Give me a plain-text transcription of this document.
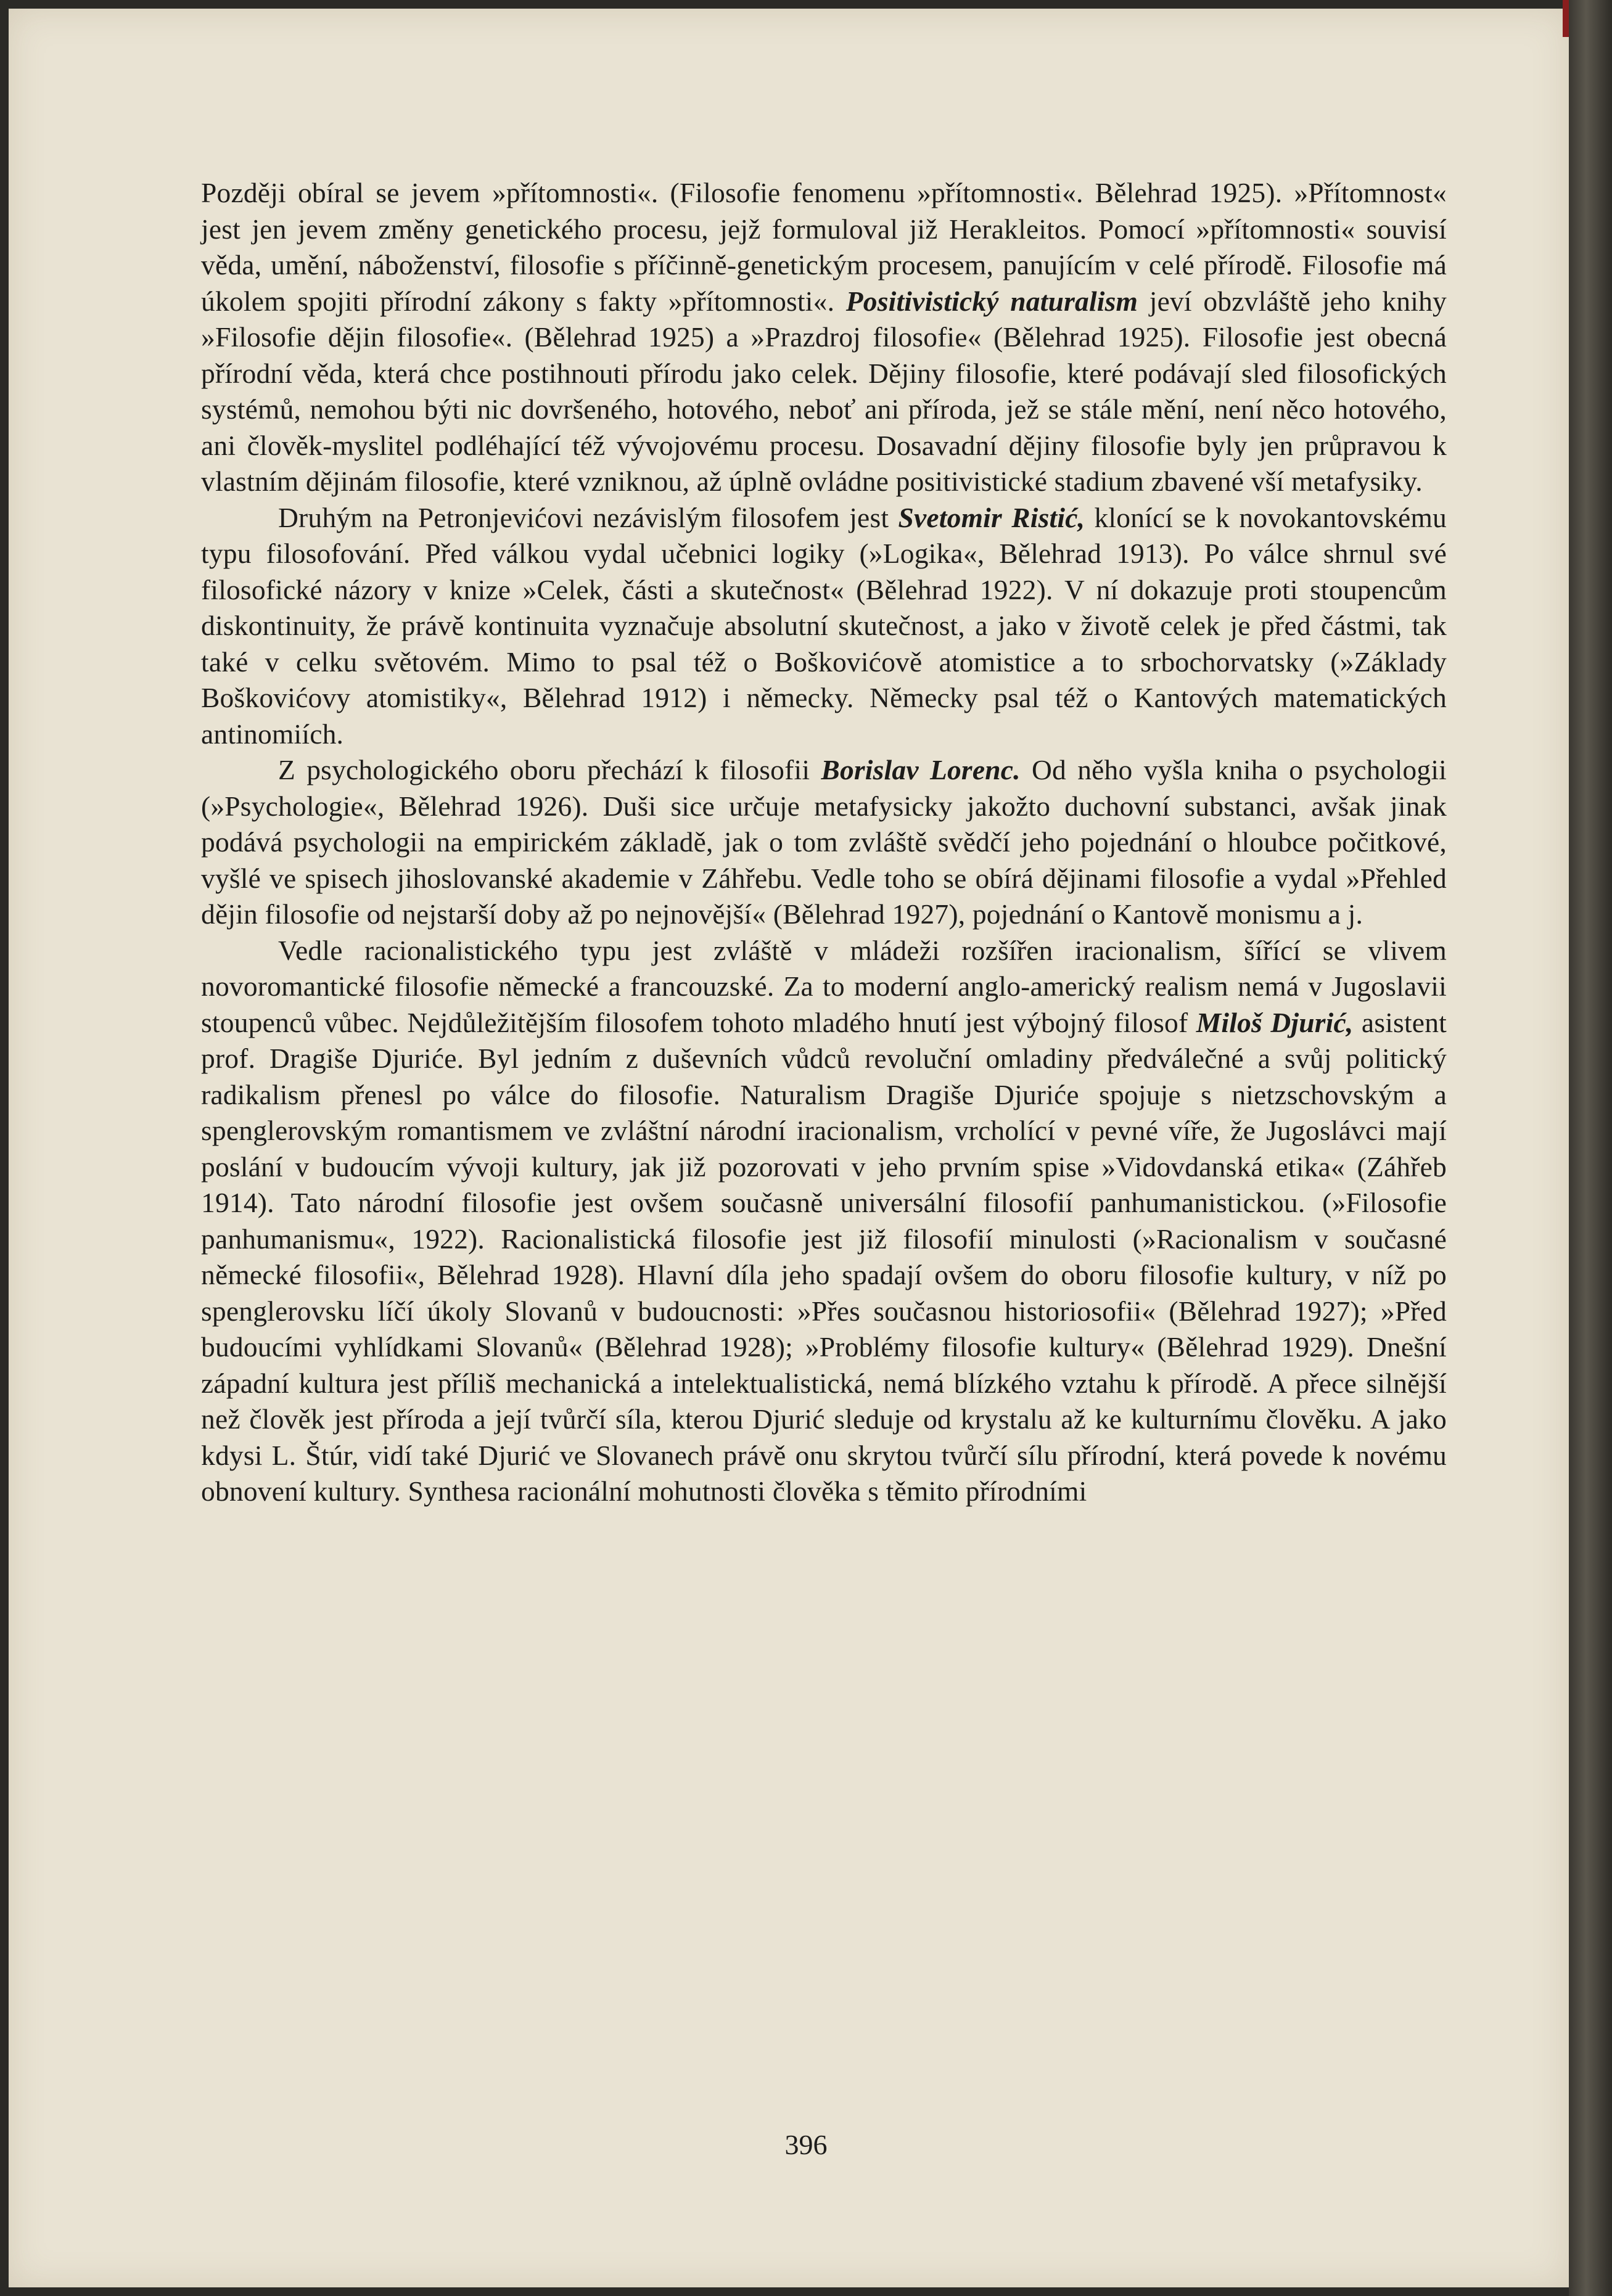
Později obíral se jevem »přítomnosti«. (Filosofie fenomenu »přítomnosti«. Bělehrad 1925). »Přítomnost« jest jen jevem změny genetického procesu, jejž formuloval již Herakleitos. Pomocí »přítomnosti« souvisí věda, umění, náboženství, filosofie s příčinně-genetickým procesem, panujícím v celé přírodě. Filosofie má úkolem spojiti přírodní zákony s fakty »přítomnosti«. Positivistický naturalism jeví obzvláště jeho knihy »Filosofie dějin filosofie«. (Bělehrad 1925) a »Prazdroj filosofie« (Bělehrad 1925). Filosofie jest obecná přírodní věda, která chce postihnouti přírodu jako celek. Dějiny filosofie, které podávají sled filosofických systémů, nemohou býti nic dovršeného, hotového, neboť ani příroda, jež se stále mění, není něco hotového, ani člověk-myslitel podléhající též vývojovému procesu. Dosavadní dějiny filosofie byly jen průpravou k vlastním dějinám filosofie, které vzniknou, až úplně ovládne positivistické stadium zbavené vší metafysiky.

Druhým na Petronjevićovi nezávislým filosofem jest Svetomir Ristić, klonící se k novokantovskému typu filosofování. Před válkou vydal učebnici logiky (»Logika«, Bělehrad 1913). Po válce shrnul své filosofické názory v knize »Celek, části a skutečnost« (Bělehrad 1922). V ní dokazuje proti stoupencům diskontinuity, že právě kontinuita vyznačuje absolutní skutečnost, a jako v životě celek je před částmi, tak také v celku světovém. Mimo to psal též o Boškovićově atomistice a to srbochorvatsky (»Základy Boškovićovy atomistiky«, Bělehrad 1912) i německy. Německy psal též o Kantových matematických antinomiích.

Z psychologického oboru přechází k filosofii Borislav Lorenc. Od něho vyšla kniha o psychologii (»Psychologie«, Bělehrad 1926). Duši sice určuje metafysicky jakožto duchovní substanci, avšak jinak podává psychologii na empirickém základě, jak o tom zvláště svědčí jeho pojednání o hloubce počitkové, vyšlé ve spisech jihoslovanské akademie v Záhřebu. Vedle toho se obírá dějinami filosofie a vydal »Přehled dějin filosofie od nejstarší doby až po nejnovější« (Bělehrad 1927), pojednání o Kantově monismu a j.

Vedle racionalistického typu jest zvláště v mládeži rozšířen iracionalism, šířící se vlivem novoromantické filosofie německé a francouzské. Za to moderní anglo-americký realism nemá v Jugoslavii stoupenců vůbec. Nejdůležitějším filosofem tohoto mladého hnutí jest výbojný filosof Miloš Djurić, asistent prof. Dragiše Djuriće. Byl jedním z duševních vůdců revoluční omladiny předválečné a svůj politický radikalism přenesl po válce do filosofie. Naturalism Dragiše Djuriće spojuje s nietzschovským a spenglerovským romantismem ve zvláštní národní iracionalism, vrcholící v pevné víře, že Jugoslávci mají poslání v budoucím vývoji kultury, jak již pozorovati v jeho prvním spise »Vidovdanská etika« (Záhřeb 1914). Tato národní filosofie jest ovšem současně universální filosofií panhumanistickou. (»Filosofie panhumanismu«, 1922). Racionalistická filosofie jest již filosofií minulosti (»Racionalism v současné německé filosofii«, Bělehrad 1928). Hlavní díla jeho spadají ovšem do oboru filosofie kultury, v níž po spenglerovsku líčí úkoly Slovanů v budoucnosti: »Přes současnou historiosofii« (Bělehrad 1927); »Před budoucími vyhlídkami Slovanů« (Bělehrad 1928); »Problémy filosofie kultury« (Bělehrad 1929). Dnešní západní kultura jest příliš mechanická a intelektualistická, nemá blízkého vztahu k přírodě. A přece silnější než člověk jest příroda a její tvůrčí síla, kterou Djurić sleduje od krystalu až ke kulturnímu člověku. A jako kdysi L. Štúr, vidí také Djurić ve Slovanech právě onu skrytou tvůrčí sílu přírodní, která povede k novému obnovení kultury. Synthesa racionální mohutnosti člověka s těmito přírodními

396
